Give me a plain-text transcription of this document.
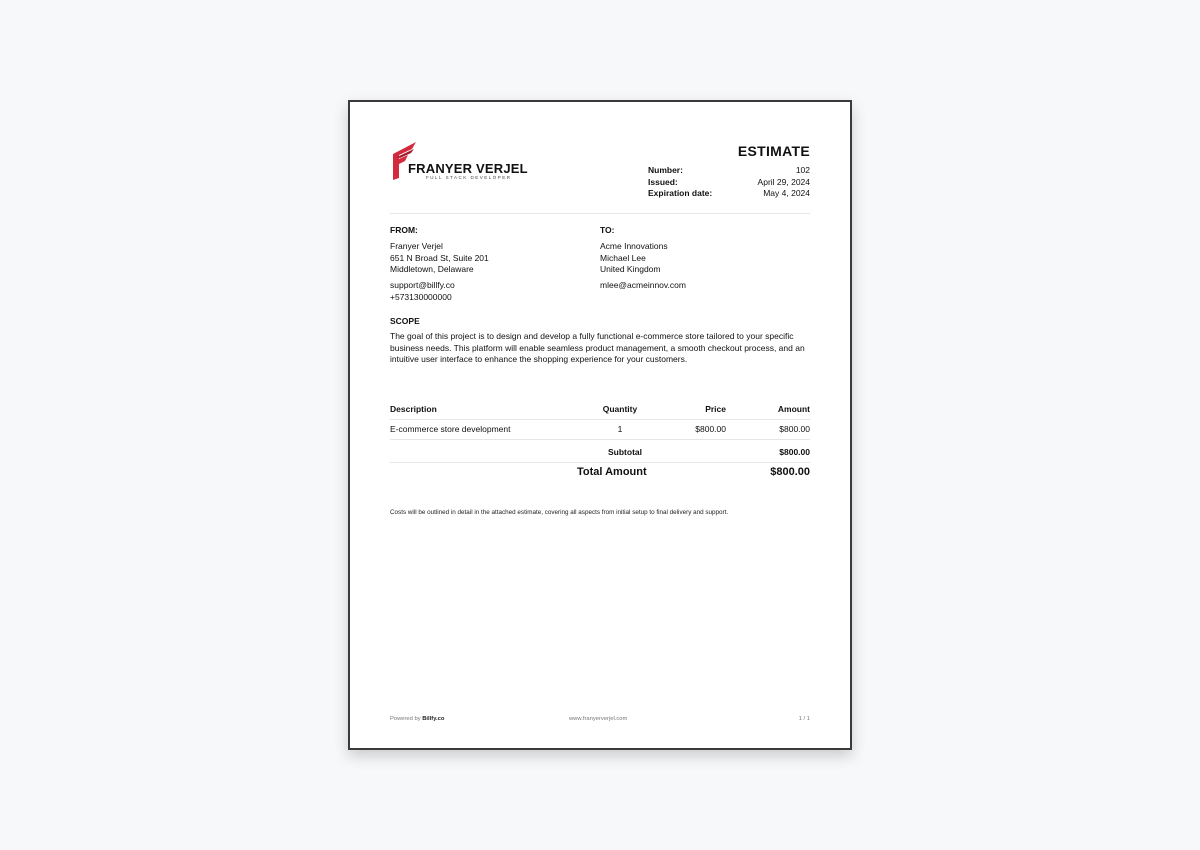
FRANYER VERJEL
FULL STACK DEVELOPER
ESTIMATE
Number:	102
Issued:	April 29, 2024
Expiration date:	May 4, 2024
FROM:
Franyer Verjel
651 N Broad St, Suite 201
Middletown, Delaware
support@billfy.co
+573130000000
TO:
Acme Innovations
Michael Lee
United Kingdom
mlee@acmeinnov.com
SCOPE
The goal of this project is to design and develop a fully functional e-commerce store tailored to your specific business needs. This platform will enable seamless product management, a smooth checkout process, and an intuitive user interface to enhance the shopping experience for your customers.
Description	Quantity	Price	Amount
E-commerce store development	1	$800.00	$800.00
Subtotal	$800.00
Total Amount	$800.00
Costs will be outlined in detail in the attached estimate, covering all aspects from initial setup to final delivery and support.
Powered by Billfy.co	www.franyerverjel.com	1 / 1
